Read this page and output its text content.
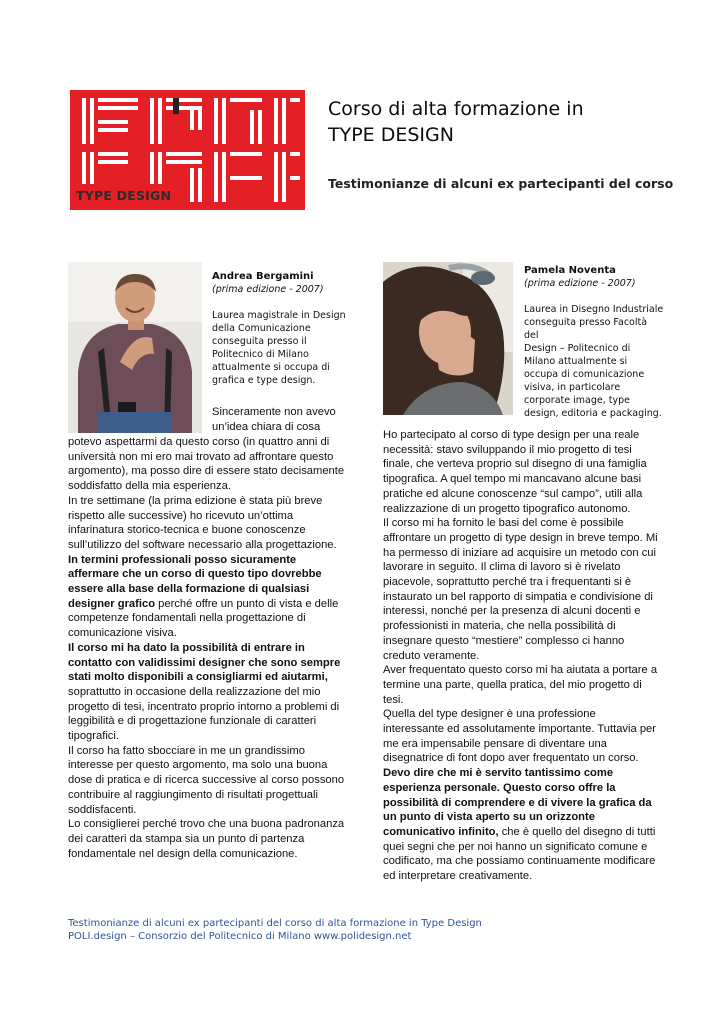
TYPE DESIGN
Corso di alta formazione in
TYPE DESIGN
Testimonianze di alcuni ex partecipanti del corso
Andrea Bergamini
(prima edizione - 2007)
Laurea magistrale in Design
della Comunicazione
conseguita presso il
Politecnico di Milano
attualmente si occupa di
grafica e type design.
Sinceramente non avevo
un’idea chiara di cosa

potevo aspettarmi da questo corso (in quattro anni di università non mi ero mai trovato ad affrontare questo argomento), ma posso dire di essere stato decisamente soddisfatto della mia esperienza.

In tre settimane (la prima edizione è stata più breve rispetto alle successive) ho ricevuto un’ottima infarinatura storico-tecnica e buone conoscenze sull’utilizzo del software necessario alla progettazione.

In termini professionali posso sicuramente affermare che un corso di questo tipo dovrebbe essere alla base della formazione di qualsiasi designer grafico perché offre un punto di vista e delle competenze fondamentali nella progettazione di comunicazione visiva.

Il corso mi ha dato la possibilità di entrare in contatto con validissimi designer che sono sempre stati molto disponibili a consigliarmi ed aiutarmi, soprattutto in occasione della realizzazione del mio progetto di tesi, incentrato proprio intorno a problemi di leggibilità e di progettazione funzionale di caratteri tipografici.

Il corso ha fatto sbocciare in me un grandissimo interesse per questo argomento, ma solo una buona dose di pratica e di ricerca successive al corso possono contribuire al raggiungimento di risultati progettuali soddisfacenti.

Lo consiglierei perché trovo che una buona padronanza dei caratteri da stampa sia un punto di partenza fondamentale nel design della comunicazione.

Pamela Noventa
(prima edizione - 2007)
Laurea in Disegno Industriale
conseguita presso Facoltà del
Design – Politecnico di
Milano attualmente si
occupa di comunicazione
visiva, in particolare
corporate image, type
design, editoria e packaging.

Ho partecipato al corso di type design per una reale necessità: stavo sviluppando il mio progetto di tesi finale, che verteva proprio sul disegno di una famiglia tipografica. A quel tempo mi mancavano alcune basi pratiche ed alcune conoscenze “sul campo”, utili alla realizzazione di un progetto tipografico autonomo.

Il corso mi ha fornito le basi del come è possibile affrontare un progetto di type design in breve tempo. Mi ha permesso di iniziare ad acquisire un metodo con cui lavorare in seguito. Il clima di lavoro si è rivelato piacevole, soprattutto perché tra i frequentanti si è instaurato un bel rapporto di simpatia e condivisione di interessi, nonché per la presenza di alcuni docenti e professionisti in materia, che nella possibilità di insegnare questo “mestiere” complesso ci hanno creduto veramente.

Aver frequentato questo corso mi ha aiutata a portare a termine una parte, quella pratica, del mio progetto di tesi.

Quella del type designer è una professione interessante ed assolutamente importante. Tuttavia per me era impensabile pensare di diventare una disegnatrice di font dopo aver frequentato un corso.

Devo dire che mi è servito tantissimo come esperienza personale. Questo corso offre la possibilità di comprendere e di vivere la grafica da un punto di vista aperto su un orizzonte comunicativo infinito, che è quello del disegno di tutti quei segni che per noi hanno un significato comune e codificato, ma che possiamo continuamente modificare ed interpretare creativamente.

Testimonianze di alcuni ex partecipanti del corso di alta formazione in Type Design
POLI.design – Consorzio del Politecnico di Milano www.polidesign.net
